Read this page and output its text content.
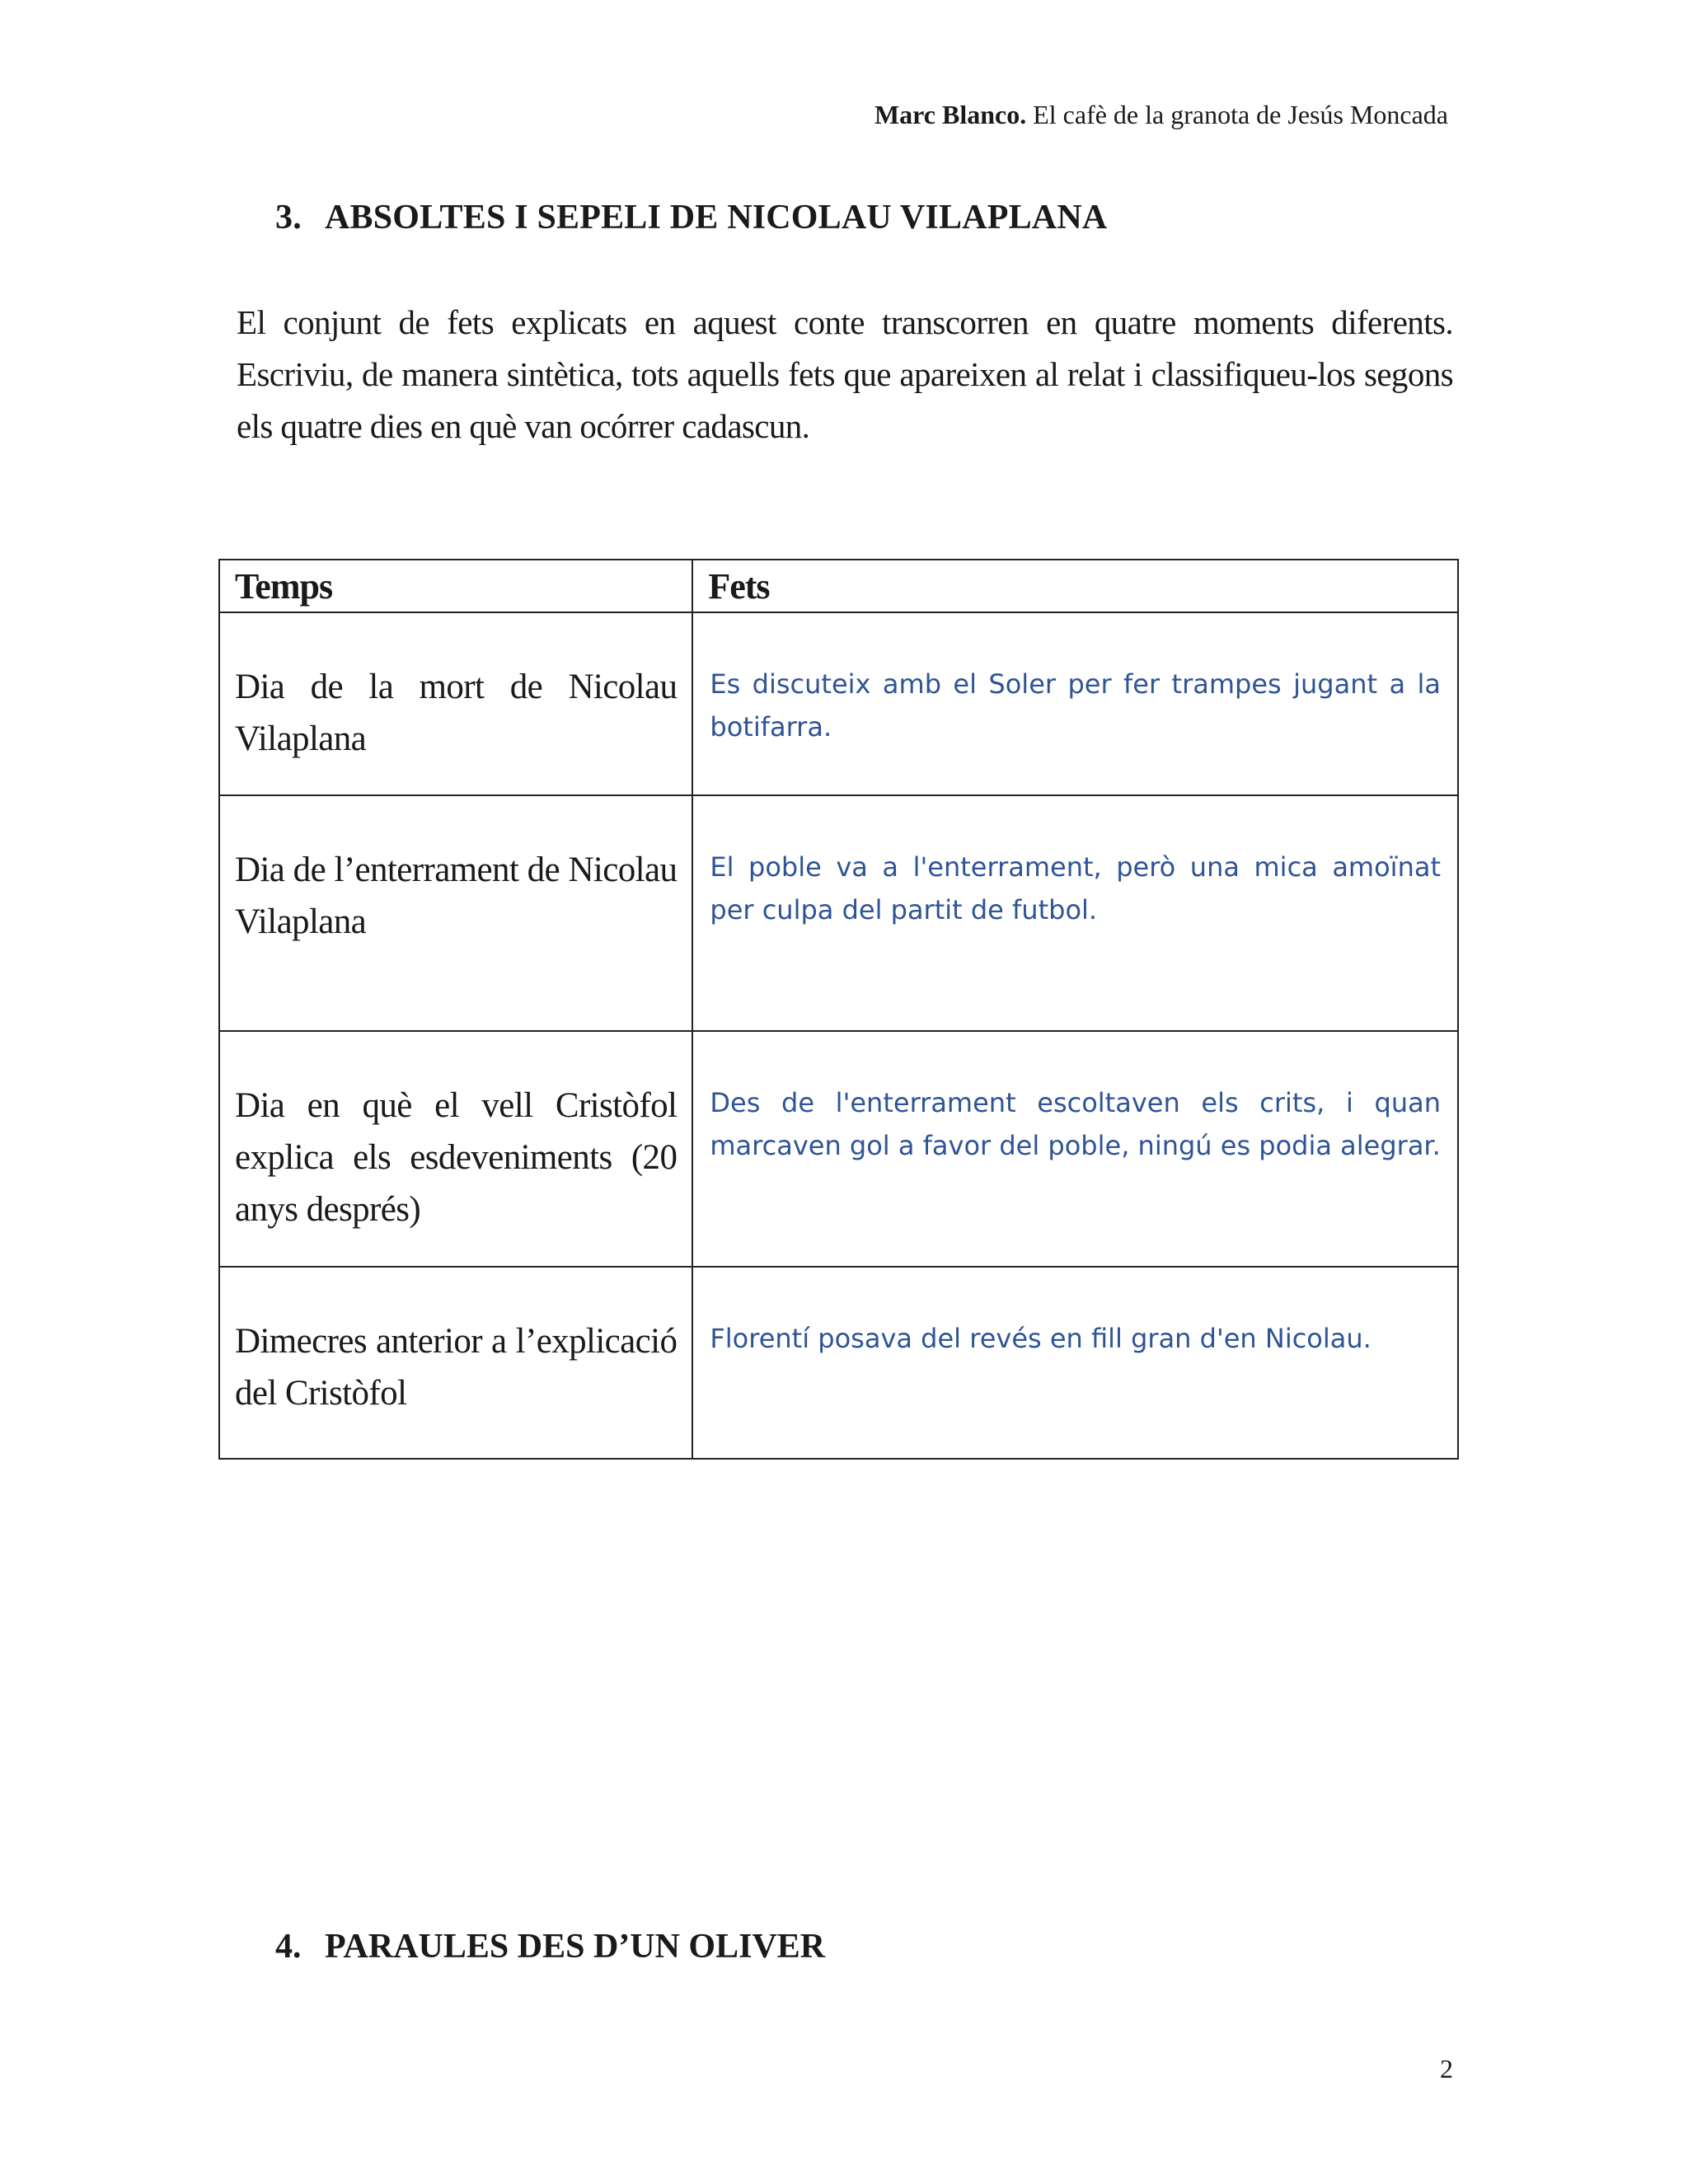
Marc Blanco. El cafè de la granota de Jesús Moncada
3. ABSOLTES I SEPELI DE NICOLAU VILAPLANA
El conjunt de fets explicats en aquest conte transcorren en quatre moments diferents. Escriviu, de manera sintètica, tots aquells fets que apareixen al relat i classifiqueu-los segons els quatre dies en què van ocórrer cadascun.
Temps	Fets

Dia de la mort de Nicolau Vilaplana	Es discuteix amb el Soler per fer trampes jugant a la botifarra.

Dia de l’enterrament de Nicolau Vilaplana	El poble va a l'enterrament, però una mica amoïnat per culpa del partit de futbol.

Dia en què el vell Cristòfol explica els esdeveniments (20 anys després)	Des de l'enterrament escoltaven els crits, i quan marcaven gol a favor del poble, ningú es podia alegrar.

Dimecres anterior a l’explicació del Cristòfol	Florentí posava del revés en fill gran d'en Nicolau.
4. PARAULES DES D’UN OLIVER
2
